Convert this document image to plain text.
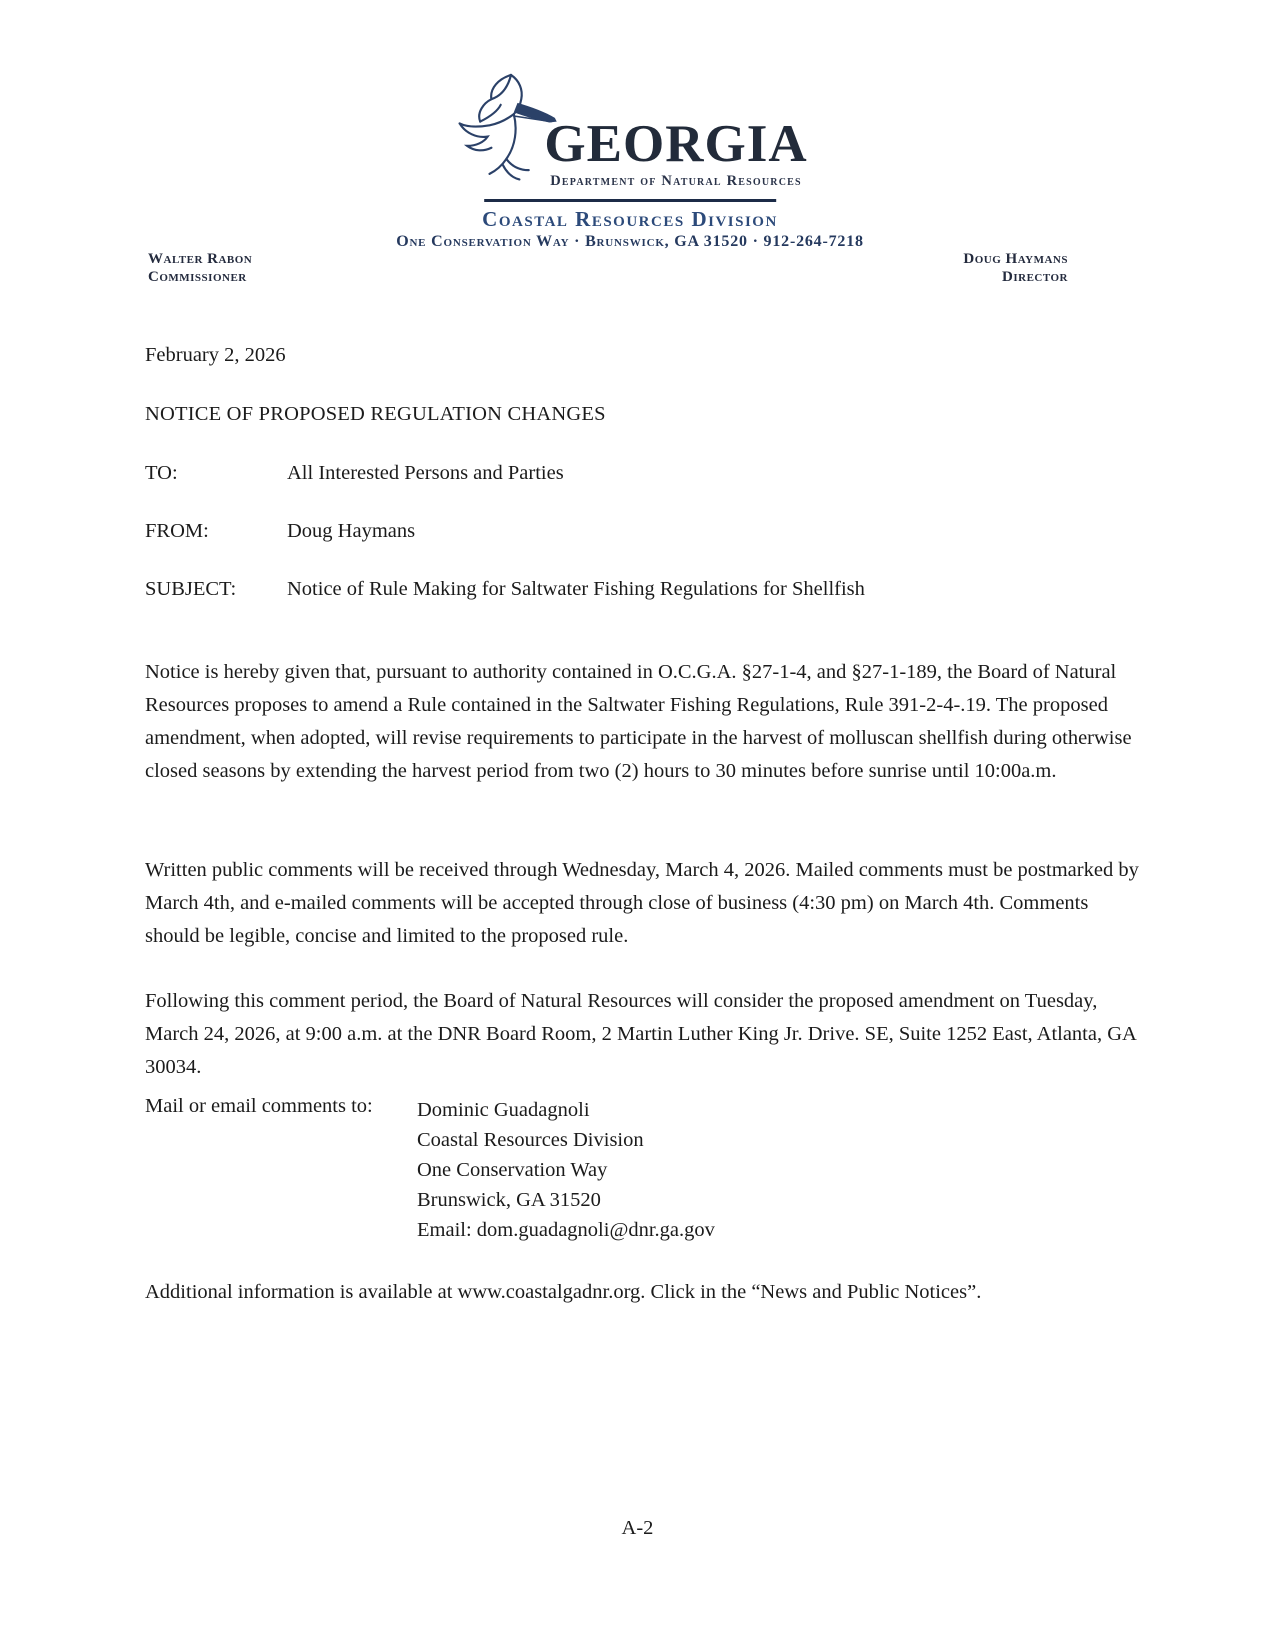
GEORGIA
Department of Natural Resources
Coastal Resources Division
One Conservation Way · Brunswick, GA 31520 · 912-264-7218
Walter Rabon
Commissioner
Doug Haymans
Director
February 2, 2026
NOTICE OF PROPOSED REGULATION CHANGES
TO:	All Interested Persons and Parties
FROM:	Doug Haymans
SUBJECT:	Notice of Rule Making for Saltwater Fishing Regulations for Shellfish

Notice is hereby given that, pursuant to authority contained in O.C.G.A. §27-1-4, and §27-1-189, the Board of Natural Resources proposes to amend a Rule contained in the Saltwater Fishing Regulations, Rule 391-2-4-.19. The proposed amendment, when adopted, will revise requirements to participate in the harvest of molluscan shellfish during otherwise closed seasons by extending the harvest period from two (2) hours to 30 minutes before sunrise until 10:00a.m.

Written public comments will be received through Wednesday, March 4, 2026. Mailed comments must be postmarked by March 4th, and e-mailed comments will be accepted through close of business (4:30 pm) on March 4th. Comments should be legible, concise and limited to the proposed rule.

Following this comment period, the Board of Natural Resources will consider the proposed amendment on Tuesday, March 24, 2026, at 9:00 a.m. at the DNR Board Room, 2 Martin Luther King Jr. Drive. SE, Suite 1252 East, Atlanta, GA 30034.

Mail or email comments to:	Dominic Guadagnoli
Coastal Resources Division
One Conservation Way
Brunswick, GA 31520
Email: dom.guadagnoli@dnr.ga.gov
Additional information is available at www.coastalgadnr.org. Click in the “News and Public Notices”.
A-2
